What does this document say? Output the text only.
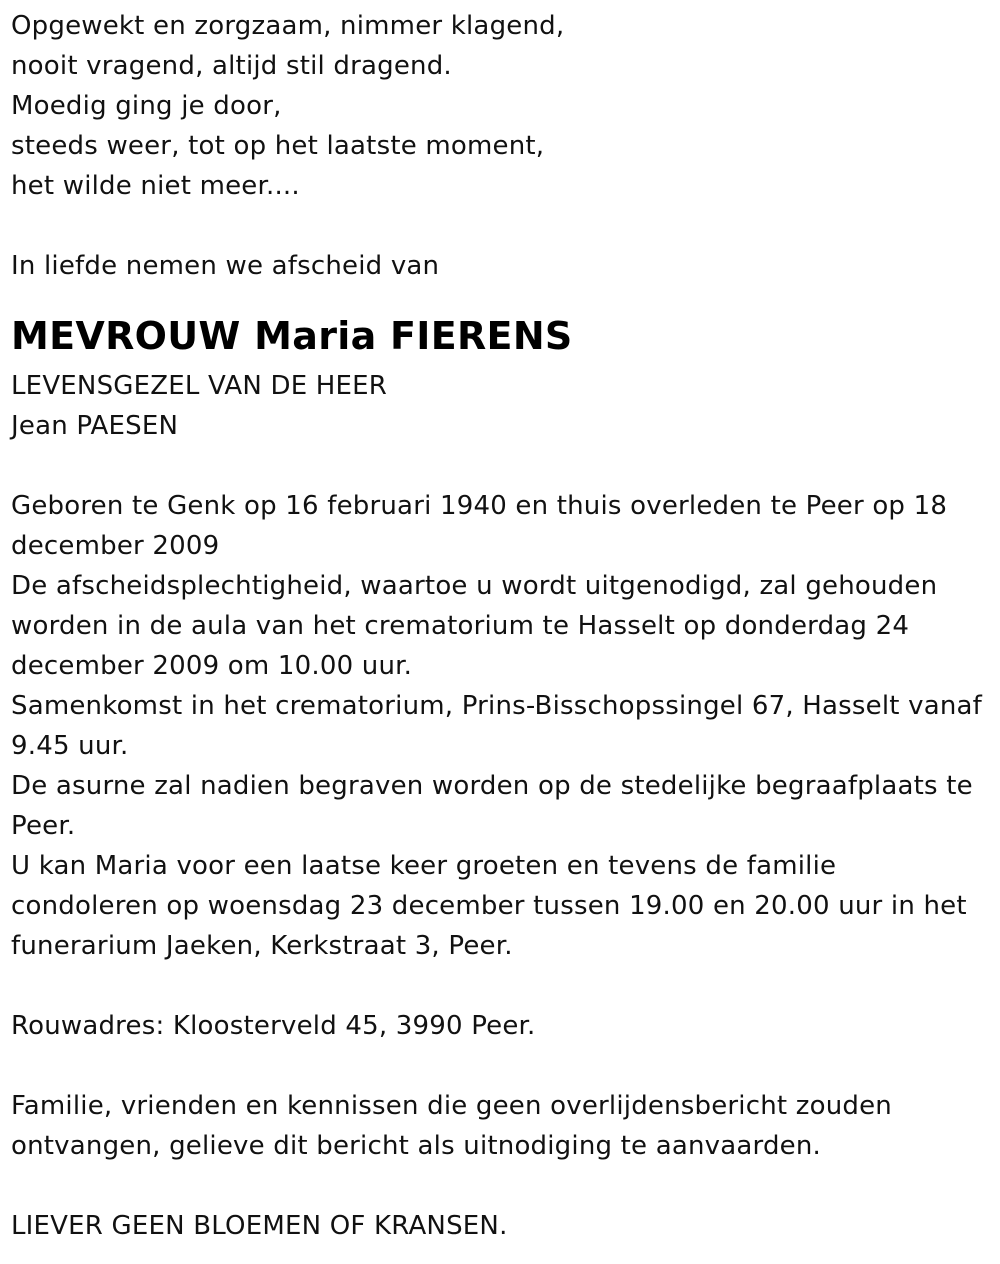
Opgewekt en zorgzaam, nimmer klagend,
nooit vragend, altijd stil dragend.
Moedig ging je door,
steeds weer, tot op het laatste moment,
het wilde niet meer....
In liefde nemen we afscheid van
MEVROUW Maria FIERENS
LEVENSGEZEL VAN DE HEER
Jean PAESEN
Geboren te Genk op 16 februari 1940 en thuis overleden te Peer op 18
december 2009
De afscheidsplechtigheid, waartoe u wordt uitgenodigd, zal gehouden
worden in de aula van het crematorium te Hasselt op donderdag 24
december 2009 om 10.00 uur.
Samenkomst in het crematorium, Prins-Bisschopssingel 67, Hasselt vanaf
9.45 uur.
De asurne zal nadien begraven worden op de stedelijke begraafplaats te
Peer.
U kan Maria voor een laatse keer groeten en tevens de familie
condoleren op woensdag 23 december tussen 19.00 en 20.00 uur in het
funerarium Jaeken, Kerkstraat 3, Peer.
Rouwadres: Kloosterveld 45, 3990 Peer.
Familie, vrienden en kennissen die geen overlijdensbericht zouden
ontvangen, gelieve dit bericht als uitnodiging te aanvaarden.
LIEVER GEEN BLOEMEN OF KRANSEN.
